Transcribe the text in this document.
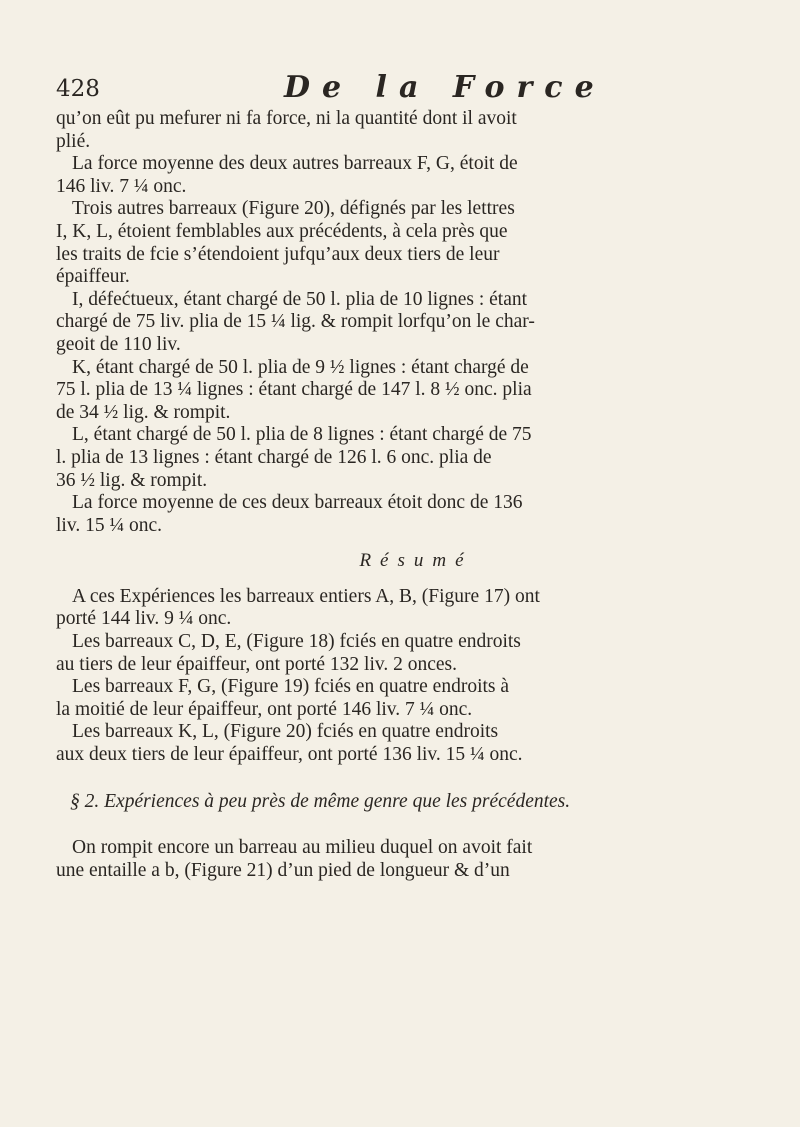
428	De la Force
qu’on eût pu mefurer ni fa force, ni la quantité dont il avoit
plié.
La force moyenne des deux autres barreaux F, G, étoit de
146 liv. 7 ¼ onc.
Trois autres barreaux (Figure 20), défignés par les lettres
I, K, L, étoient femblables aux précédents, à cela près que
les traits de fcie s’étendoient jufqu’aux deux tiers de leur
épaiffeur.
I, défećtueux, étant chargé de 50 l. plia de 10 lignes : étant
chargé de 75 liv. plia de 15 ¼ lig. & rompit lorfqu’on le char-
geoit de 110 liv.
K, étant chargé de 50 l. plia de 9 ½ lignes : étant chargé de
75 l. plia de 13 ¼ lignes : étant chargé de 147 l. 8 ½ onc. plia
de 34 ½ lig. & rompit.
L, étant chargé de 50 l. plia de 8 lignes : étant chargé de 75
l. plia de 13 lignes : étant chargé de 126 l. 6 onc. plia de
36 ½ lig. & rompit.
La force moyenne de ces deux barreaux étoit donc de 136
liv. 15 ¼ onc.
Résumé
A ces Expériences les barreaux entiers A, B, (Figure 17) ont
porté 144 liv. 9 ¼ onc.
Les barreaux C, D, E, (Figure 18) fciés en quatre endroits
au tiers de leur épaiffeur, ont porté 132 liv. 2 onces.
Les barreaux F, G, (Figure 19) fciés en quatre endroits à
la moitié de leur épaiffeur, ont porté 146 liv. 7 ¼ onc.
Les barreaux K, L, (Figure 20) fciés en quatre endroits
aux deux tiers de leur épaiffeur, ont porté 136 liv. 15 ¼ onc.
§ 2. Expériences à peu près de même genre que les précédentes.
On rompit encore un barreau au milieu duquel on avoit fait
une entaille a b, (Figure 21) d’un pied de longueur & d’un
